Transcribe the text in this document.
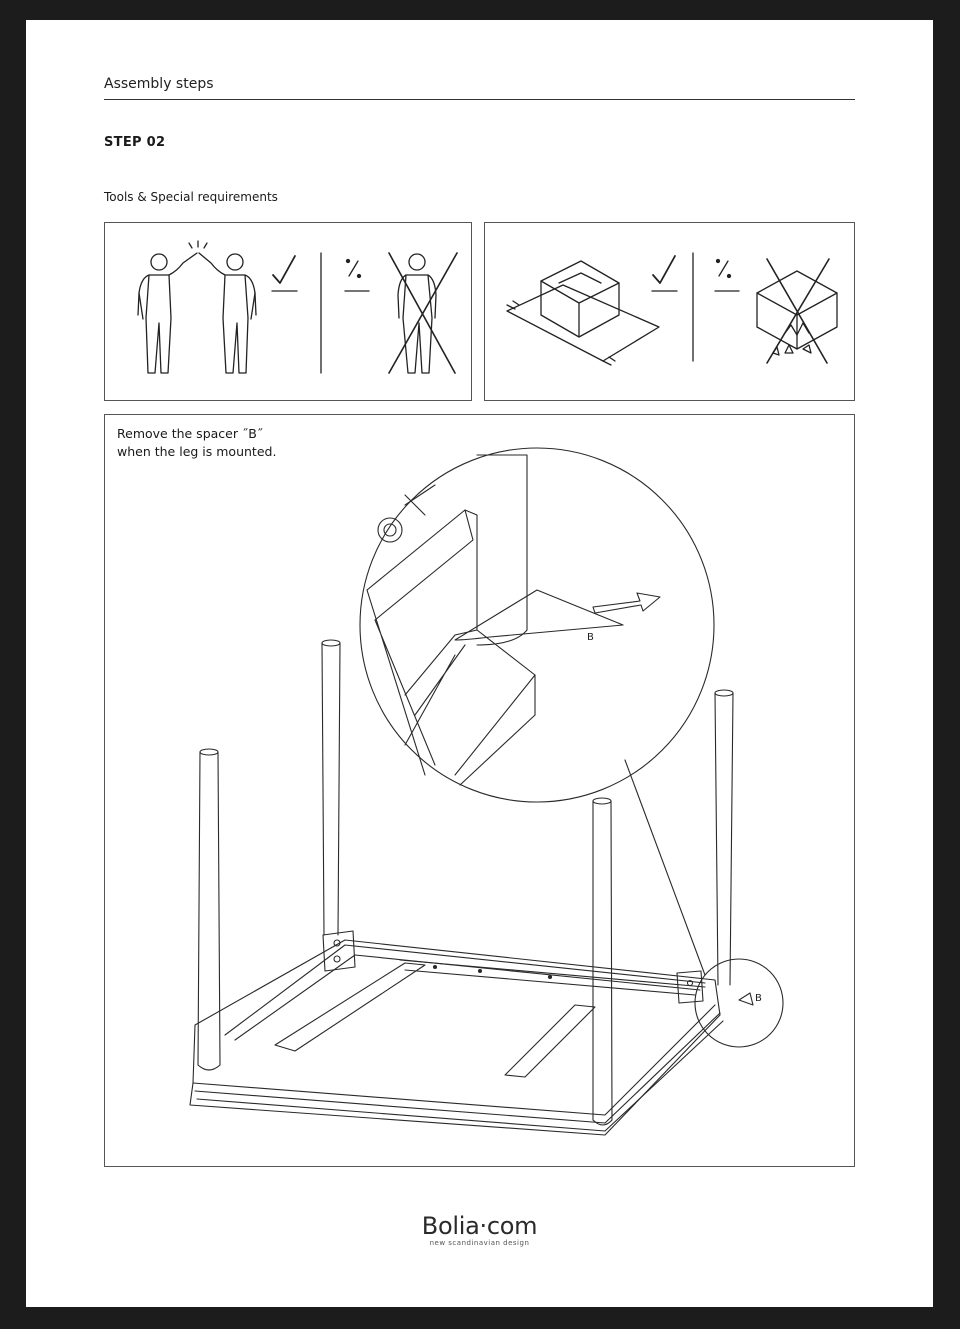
Assembly steps
STEP 02
Tools & Special requirements
Remove the spacer ˝B˝
when the leg is mounted.
B
B
Bolia·com
new scandinavian design
